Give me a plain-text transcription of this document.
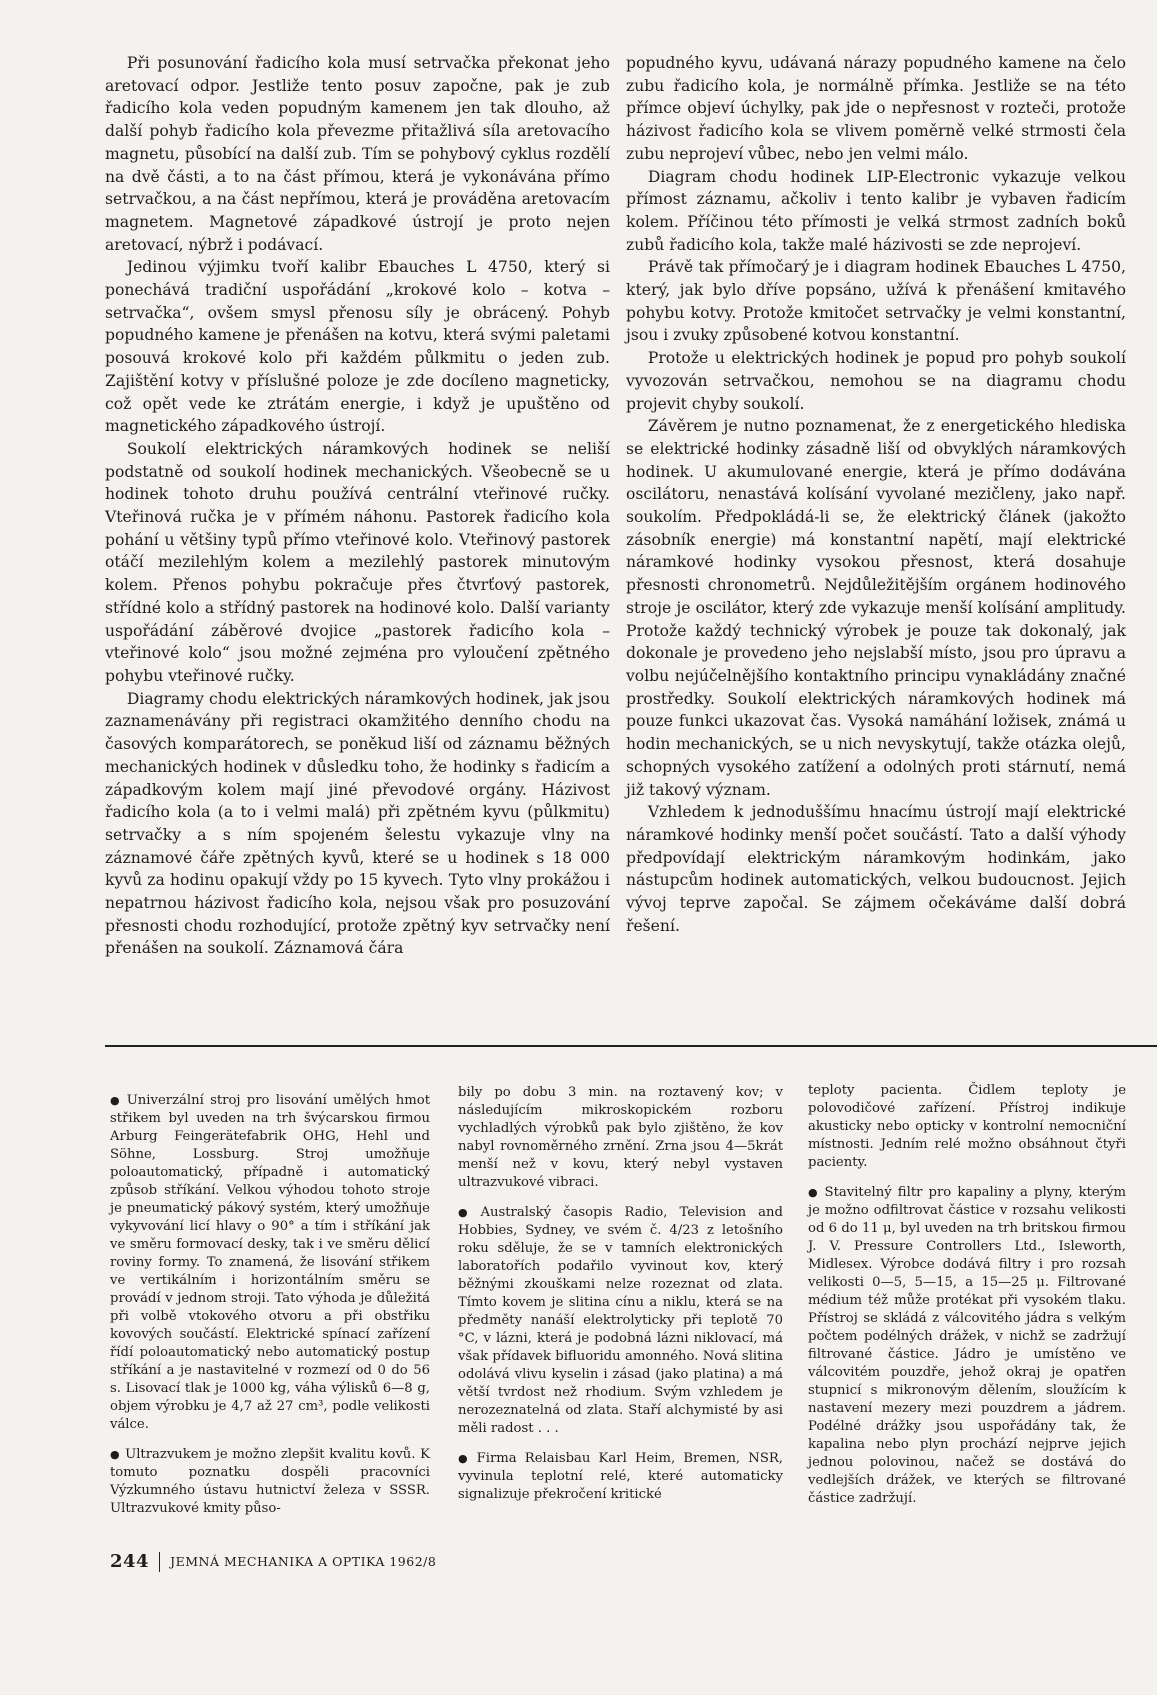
Při posunování řadicího kola musí setrvačka překonat jeho aretovací odpor. Jestliže tento posuv započne, pak je zub řadicího kola veden popudným kamenem jen tak dlouho, až další pohyb řadicího kola převezme přitažlivá síla aretovacího magnetu, působící na další zub. Tím se pohybový cyklus rozdělí na dvě části, a to na část přímou, která je vykonávána přímo setrvačkou, a na část nepřímou, která je prováděna aretovacím magnetem. Magnetové západkové ústrojí je proto nejen aretovací, nýbrž i podávací.

Jedinou výjimku tvoří kalibr Ebauches L 4750, který si ponechává tradiční uspořádání „krokové kolo – kotva – setrvačka“, ovšem smysl přenosu síly je obrácený. Pohyb popudného kamene je přenášen na kotvu, která svými paletami posouvá krokové kolo při každém půlkmitu o jeden zub. Zajištění kotvy v příslušné poloze je zde docíleno magneticky, což opět vede ke ztrátám energie, i když je upuštěno od magnetického západkového ústrojí.

Soukolí elektrických náramkových hodinek se neliší podstatně od soukolí hodinek mechanických. Všeobecně se u hodinek tohoto druhu používá centrální vteřinové ručky. Vteřinová ručka je v přímém náhonu. Pastorek řadicího kola pohání u většiny typů přímo vteřinové kolo. Vteřinový pastorek otáčí mezilehlým kolem a mezilehlý pastorek minutovým kolem. Přenos pohybu pokračuje přes čtvrťový pastorek, střídné kolo a střídný pastorek na hodinové kolo. Další varianty uspořádání záběrové dvojice „pastorek řadicího kola – vteřinové kolo“ jsou možné zejména pro vyloučení zpětného pohybu vteřinové ručky.

Diagramy chodu elektrických náramkových hodinek, jak jsou zaznamenávány při registraci okamžitého denního chodu na časových komparátorech, se poněkud liší od záznamu běžných mechanických hodinek v důsledku toho, že hodinky s řadicím a západkovým kolem mají jiné převodové orgány. Házivost řadicího kola (a to i velmi malá) při zpětném kyvu (půlkmitu) setrvačky a s ním spojeném šelestu vykazuje vlny na záznamové čáře zpětných kyvů, které se u hodinek s 18 000 kyvů za hodinu opakují vždy po 15 kyvech. Tyto vlny prokážou i nepatrnou házivost řadicího kola, nejsou však pro posuzování přesnosti chodu rozhodující, protože zpětný kyv setrvačky není přenášen na soukolí. Záznamová čára

popudného kyvu, udávaná nárazy popudného kamene na čelo zubu řadicího kola, je normálně přímka. Jestliže se na této přímce objeví úchylky, pak jde o nepřesnost v rozteči, protože házivost řadicího kola se vlivem poměrně velké strmosti čela zubu neprojeví vůbec, nebo jen velmi málo.

Diagram chodu hodinek LIP-Electronic vykazuje velkou přímost záznamu, ačkoliv i tento kalibr je vybaven řadicím kolem. Příčinou této přímosti je velká strmost zadních boků zubů řadicího kola, takže malé házivosti se zde neprojeví.

Právě tak přímočarý je i diagram hodinek Ebauches L 4750, který, jak bylo dříve popsáno, užívá k přenášení kmitavého pohybu kotvy. Protože kmitočet setrvačky je velmi konstantní, jsou i zvuky způsobené kotvou konstantní.

Protože u elektrických hodinek je popud pro pohyb soukolí vyvozován setrvačkou, nemohou se na diagramu chodu projevit chyby soukolí.

Závěrem je nutno poznamenat, že z energetického hlediska se elektrické hodinky zásadně liší od obvyklých náramkových hodinek. U akumulované energie, která je přímo dodávána oscilátoru, nenastává kolísání vyvolané mezičleny, jako např. soukolím. Předpokládá-li se, že elektrický článek (jakožto zásobník energie) má konstantní napětí, mají elektrické náramkové hodinky vysokou přesnost, která dosahuje přesnosti chronometrů. Nejdůležitějším orgánem hodinového stroje je oscilátor, který zde vykazuje menší kolísání amplitudy. Protože každý technický výrobek je pouze tak dokonalý, jak dokonale je provedeno jeho nejslabší místo, jsou pro úpravu a volbu nejúčelnějšího kontaktního principu vynakládány značné prostředky. Soukolí elektrických náramkových hodinek má pouze funkci ukazovat čas. Vysoká namáhání ložisek, známá u hodin mechanických, se u nich nevyskytují, takže otázka olejů, schopných vysokého zatížení a odolných proti stárnutí, nemá již takový význam.

Vzhledem k jednoduššímu hnacímu ústrojí mají elektrické náramkové hodinky menší počet součástí. Tato a další výhody předpovídají elektrickým náramkovým hodinkám, jako nástupcům hodinek automatických, velkou budoucnost. Jejich vývoj teprve započal. Se zájmem očekáváme další dobrá řešení.

● Univerzální stroj pro lisování umělých hmot střikem byl uveden na trh švýcarskou firmou Arburg Feingerätefabrik OHG, Hehl und Söhne, Lossburg. Stroj umožňuje poloautomatický, případně i automatický způsob stříkání. Velkou výhodou tohoto stroje je pneumatický pákový systém, který umožňuje vykyvování licí hlavy o 90° a tím i stříkání jak ve směru formovací desky, tak i ve směru dělicí roviny formy. To znamená, že lisování střikem ve vertikálním i horizontálním směru se provádí v jednom stroji. Tato výhoda je důležitá při volbě vtokového otvoru a při obstřiku kovových součástí. Elektrické spínací zařízení řídí poloautomatický nebo automatický postup stříkání a je nastavitelné v rozmezí od 0 do 56 s. Lisovací tlak je 1000 kg, váha výlisků 6—8 g, objem výrobku je 4,7 až 27 cm³, podle velikosti válce.

● Ultrazvukem je možno zlepšit kvalitu kovů. K tomuto poznatku dospěli pracovníci Výzkumného ústavu hutnictví železa v SSSR. Ultrazvukové kmity půso-

bily po dobu 3 min. na roztavený kov; v následujícím mikroskopickém rozboru vychladlých výrobků pak bylo zjištěno, že kov nabyl rovnoměrného zrnění. Zrna jsou 4—5krát menší než v kovu, který nebyl vystaven ultrazvukové vibraci.

● Australský časopis Radio, Television and Hobbies, Sydney, ve svém č. 4/23 z letošního roku sděluje, že se v tamních elektronických laboratořích podařilo vyvinout kov, který běžnými zkouškami nelze rozeznat od zlata. Tímto kovem je slitina cínu a niklu, která se na předměty nanáší elektrolyticky při teplotě 70 °C, v lázni, která je podobná lázni niklovací, má však přídavek bifluoridu amonného. Nová slitina odolává vlivu kyselin i zásad (jako platina) a má větší tvrdost než rhodium. Svým vzhledem je nerozeznatelná od zlata. Staří alchymisté by asi měli radost . . .

● Firma Relaisbau Karl Heim, Bremen, NSR, vyvinula teplotní relé, které automaticky signalizuje překročení kritické

teploty pacienta. Čidlem teploty je polovodičové zařízení. Přístroj indikuje akusticky nebo opticky v kontrolní nemocniční místnosti. Jedním relé možno obsáhnout čtyři pacienty.

● Stavitelný filtr pro kapaliny a plyny, kterým je možno odfiltrovat částice v rozsahu velikosti od 6 do 11 μ, byl uveden na trh britskou firmou J. V. Pressure Controllers Ltd., Isleworth, Midlesex. Výrobce dodává filtry i pro rozsah velikosti 0—5, 5—15, a 15—25 μ. Filtrované médium též může protékat při vysokém tlaku. Přístroj se skládá z válcovitého jádra s velkým počtem podélných drážek, v nichž se zadržují filtrované částice. Jádro je umístěno ve válcovitém pouzdře, jehož okraj je opatřen stupnicí s mikronovým dělením, sloužícím k nastavení mezery mezi pouzdrem a jádrem. Podélné drážky jsou uspořádány tak, že kapalina nebo plyn prochází nejprve jejich jednou polovinou, načež se dostává do vedlejších drážek, ve kterých se filtrované částice zadržují.

244 JEMNÁ MECHANIKA A OPTIKA 1962/8
